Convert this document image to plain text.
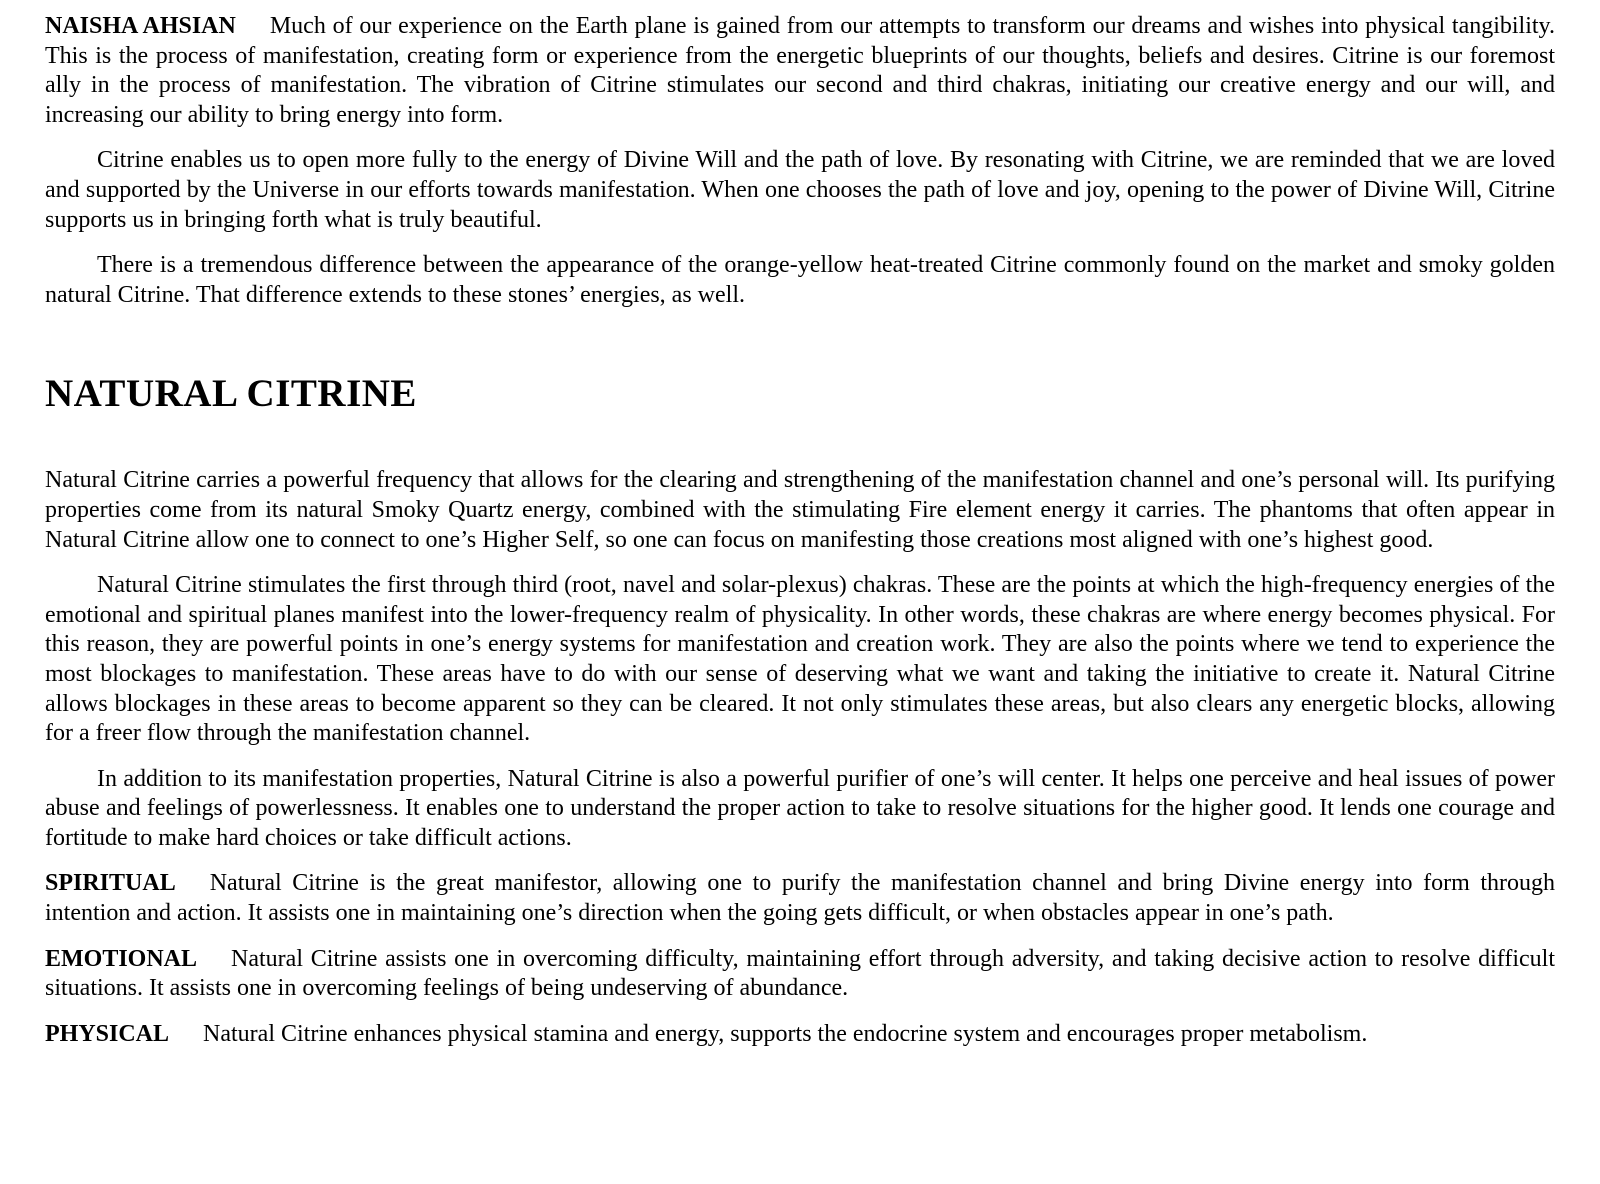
NAISHA AHSIAN Much of our experience on the Earth plane is gained from our attempts to transform our dreams and wishes into physical tangibility. This is the process of manifestation, creating form or experience from the energetic blueprints of our thoughts, beliefs and desires. Citrine is our foremost ally in the process of manifestation. The vibration of Citrine stimulates our second and third chakras, initiating our creative energy and our will, and increasing our ability to bring energy into form.

Citrine enables us to open more fully to the energy of Divine Will and the path of love. By resonating with Citrine, we are reminded that we are loved and supported by the Universe in our efforts towards manifestation. When one chooses the path of love and joy, opening to the power of Divine Will, Citrine supports us in bringing forth what is truly beautiful.

There is a tremendous difference between the appearance of the orange-yellow heat-treated Citrine commonly found on the market and smoky golden natural Citrine. That difference extends to these stones’ energies, as well.

NATURAL CITRINE

Natural Citrine carries a powerful frequency that allows for the clearing and strengthening of the manifestation channel and one’s personal will. Its purifying properties come from its natural Smoky Quartz energy, combined with the stimulating Fire element energy it carries. The phantoms that often appear in Natural Citrine allow one to connect to one’s Higher Self, so one can focus on manifesting those creations most aligned with one’s highest good.

Natural Citrine stimulates the first through third (root, navel and solar-plexus) chakras. These are the points at which the high-frequency energies of the emotional and spiritual planes manifest into the lower-frequency realm of physicality. In other words, these chakras are where energy becomes physical. For this reason, they are powerful points in one’s energy systems for manifestation and creation work. They are also the points where we tend to experience the most blockages to manifestation. These areas have to do with our sense of deserving what we want and taking the initiative to create it. Natural Citrine allows blockages in these areas to become apparent so they can be cleared. It not only stimulates these areas, but also clears any energetic blocks, allowing for a freer flow through the manifestation channel.

In addition to its manifestation properties, Natural Citrine is also a powerful purifier of one’s will center. It helps one perceive and heal issues of power abuse and feelings of powerlessness. It enables one to understand the proper action to take to resolve situations for the higher good. It lends one courage and fortitude to make hard choices or take difficult actions.

SPIRITUAL Natural Citrine is the great manifestor, allowing one to purify the manifestation channel and bring Divine energy into form through intention and action. It assists one in maintaining one’s direction when the going gets difficult, or when obstacles appear in one’s path.

EMOTIONAL Natural Citrine assists one in overcoming difficulty, maintaining effort through adversity, and taking decisive action to resolve difficult situations. It assists one in overcoming feelings of being undeserving of abundance.

PHYSICAL Natural Citrine enhances physical stamina and energy, supports the endocrine system and encourages proper metabolism.
